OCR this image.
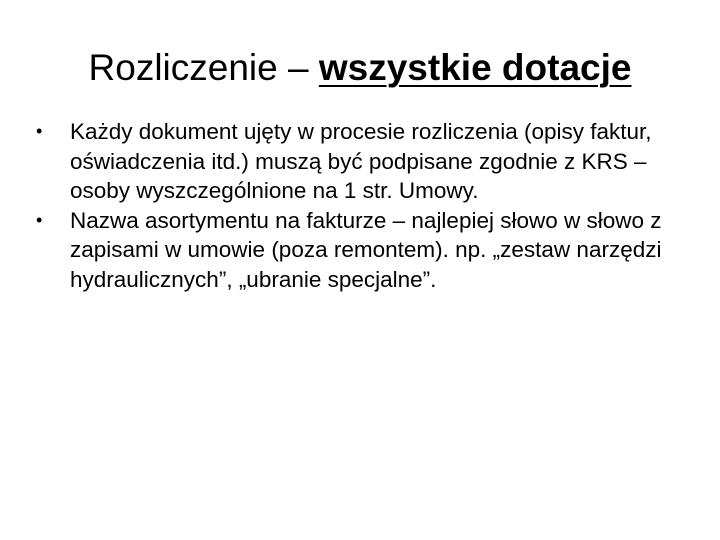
Rozliczenie – wszystkie dotacje
•	Każdy dokument ujęty w procesie rozliczenia (opisy faktur, oświadczenia itd.) muszą być podpisane zgodnie z KRS – osoby wyszczególnione na 1 str. Umowy.
•	Nazwa asortymentu na fakturze – najlepiej słowo w słowo z zapisami w umowie (poza remontem). np. „zestaw narzędzi hydraulicznych”, „ubranie specjalne”.
